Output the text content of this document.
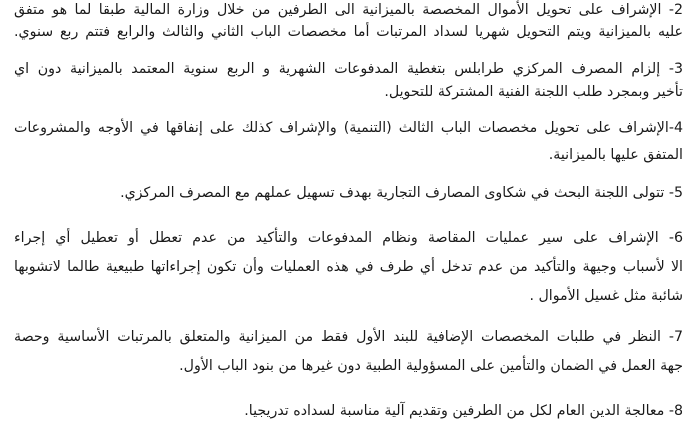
2- الإشراف على تحويل الأموال المخصصة بالميزانية الى الطرفين من خلال وزارة المالية طبقا لما هو متفق
عليه بالميزانية ويتم التحويل شهريا لسداد المرتبات أما مخصصات الباب الثاني والثالث والرابع فتتم ربع سنوي.
3- إلزام المصرف المركزي طرابلس بتغطية المدفوعات الشهرية و الربع سنوية المعتمد بالميزانية دون اي
تأخير وبمجرد طلب اللجنة الفنية المشتركة للتحويل.
4-الإشراف على تحويل مخصصات الباب الثالث (التنمية) والإشراف كذلك على إنفاقها في الأوجه والمشروعات
المتفق عليها بالميزانية.
5- تتولى اللجنة البحث في شكاوى المصارف التجارية بهدف تسهيل عملهم مع المصرف المركزي.
6- الإشراف على سير عمليات المقاصة ونظام المدفوعات والتأكيد من عدم تعطل أو تعطيل أي إجراء
الا لأسباب وجيهة والتأكيد من عدم تدخل أي طرف في هذه العمليات وأن تكون إجراءاتها طبيعية طالما لاتشوبها
شائبة مثل غسيل الأموال .
7- النظر في طلبات المخصصات الإضافية للبند الأول فقط من الميزانية والمتعلق بالمرتبات الأساسية وحصة
جهة العمل في الضمان والتأمين على المسؤولية الطبية دون غيرها من بنود الباب الأول.
8- معالجة الدين العام لكل من الطرفين وتقديم آلية مناسبة لسداده تدريجيا.
